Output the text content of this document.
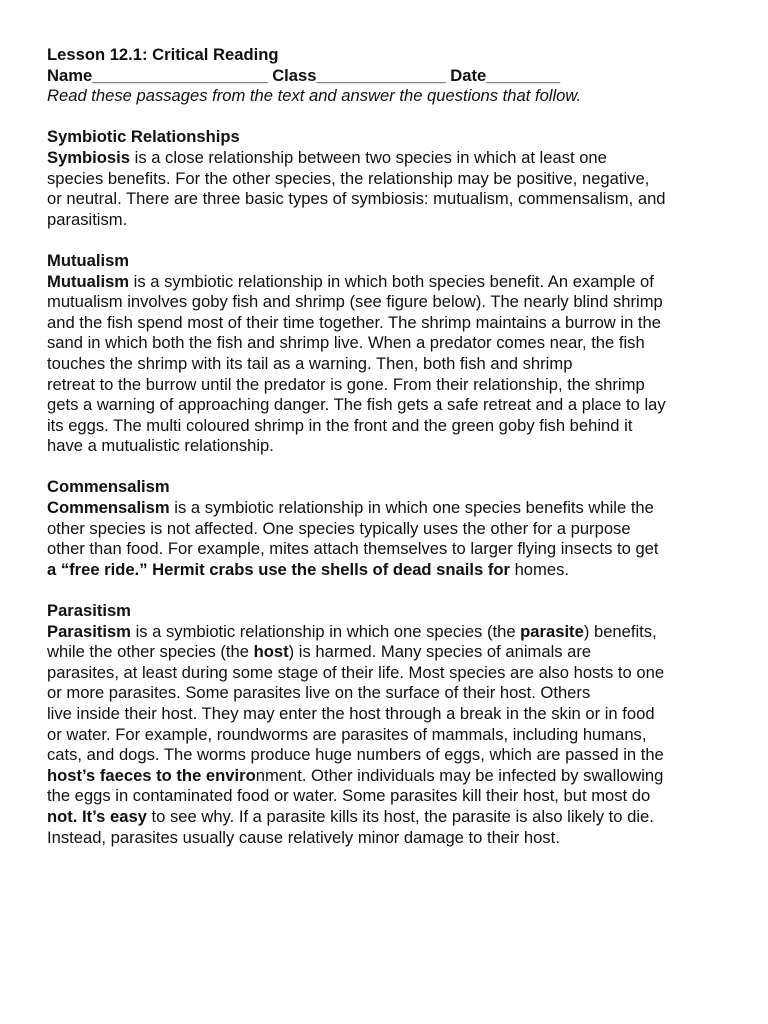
Lesson 12.1: Critical Reading
Name___________________ Class______________ Date________
Read these passages from the text and answer the questions that follow.
Symbiotic Relationships
Symbiosis is a close relationship between two species in which at least one
species benefits. For the other species, the relationship may be positive, negative,
or neutral. There are three basic types of symbiosis: mutualism, commensalism, and
parasitism.
Mutualism
Mutualism is a symbiotic relationship in which both species benefit. An example of
mutualism involves goby fish and shrimp (see figure below). The nearly blind shrimp
and the fish spend most of their time together. The shrimp maintains a burrow in the
sand in which both the fish and shrimp live. When a predator comes near, the fish
touches the shrimp with its tail as a warning. Then, both fish and shrimp
retreat to the burrow until the predator is gone. From their relationship, the shrimp
gets a warning of approaching danger. The fish gets a safe retreat and a place to lay
its eggs. The multi coloured shrimp in the front and the green goby fish behind it
have a mutualistic relationship.
Commensalism
Commensalism is a symbiotic relationship in which one species benefits while the
other species is not affected. One species typically uses the other for a purpose
other than food. For example, mites attach themselves to larger flying insects to get
a “free ride.” Hermit crabs use the shells of dead snails for homes.
Parasitism
Parasitism is a symbiotic relationship in which one species (the parasite) benefits,
while the other species (the host) is harmed. Many species of animals are
parasites, at least during some stage of their life. Most species are also hosts to one
or more parasites. Some parasites live on the surface of their host. Others
live inside their host. They may enter the host through a break in the skin or in food
or water. For example, roundworms are parasites of mammals, including humans,
cats, and dogs. The worms produce huge numbers of eggs, which are passed in the
host’s faeces to the environment. Other individuals may be infected by swallowing
the eggs in contaminated food or water. Some parasites kill their host, but most do
not. It’s easy to see why. If a parasite kills its host, the parasite is also likely to die.
Instead, parasites usually cause relatively minor damage to their host.
